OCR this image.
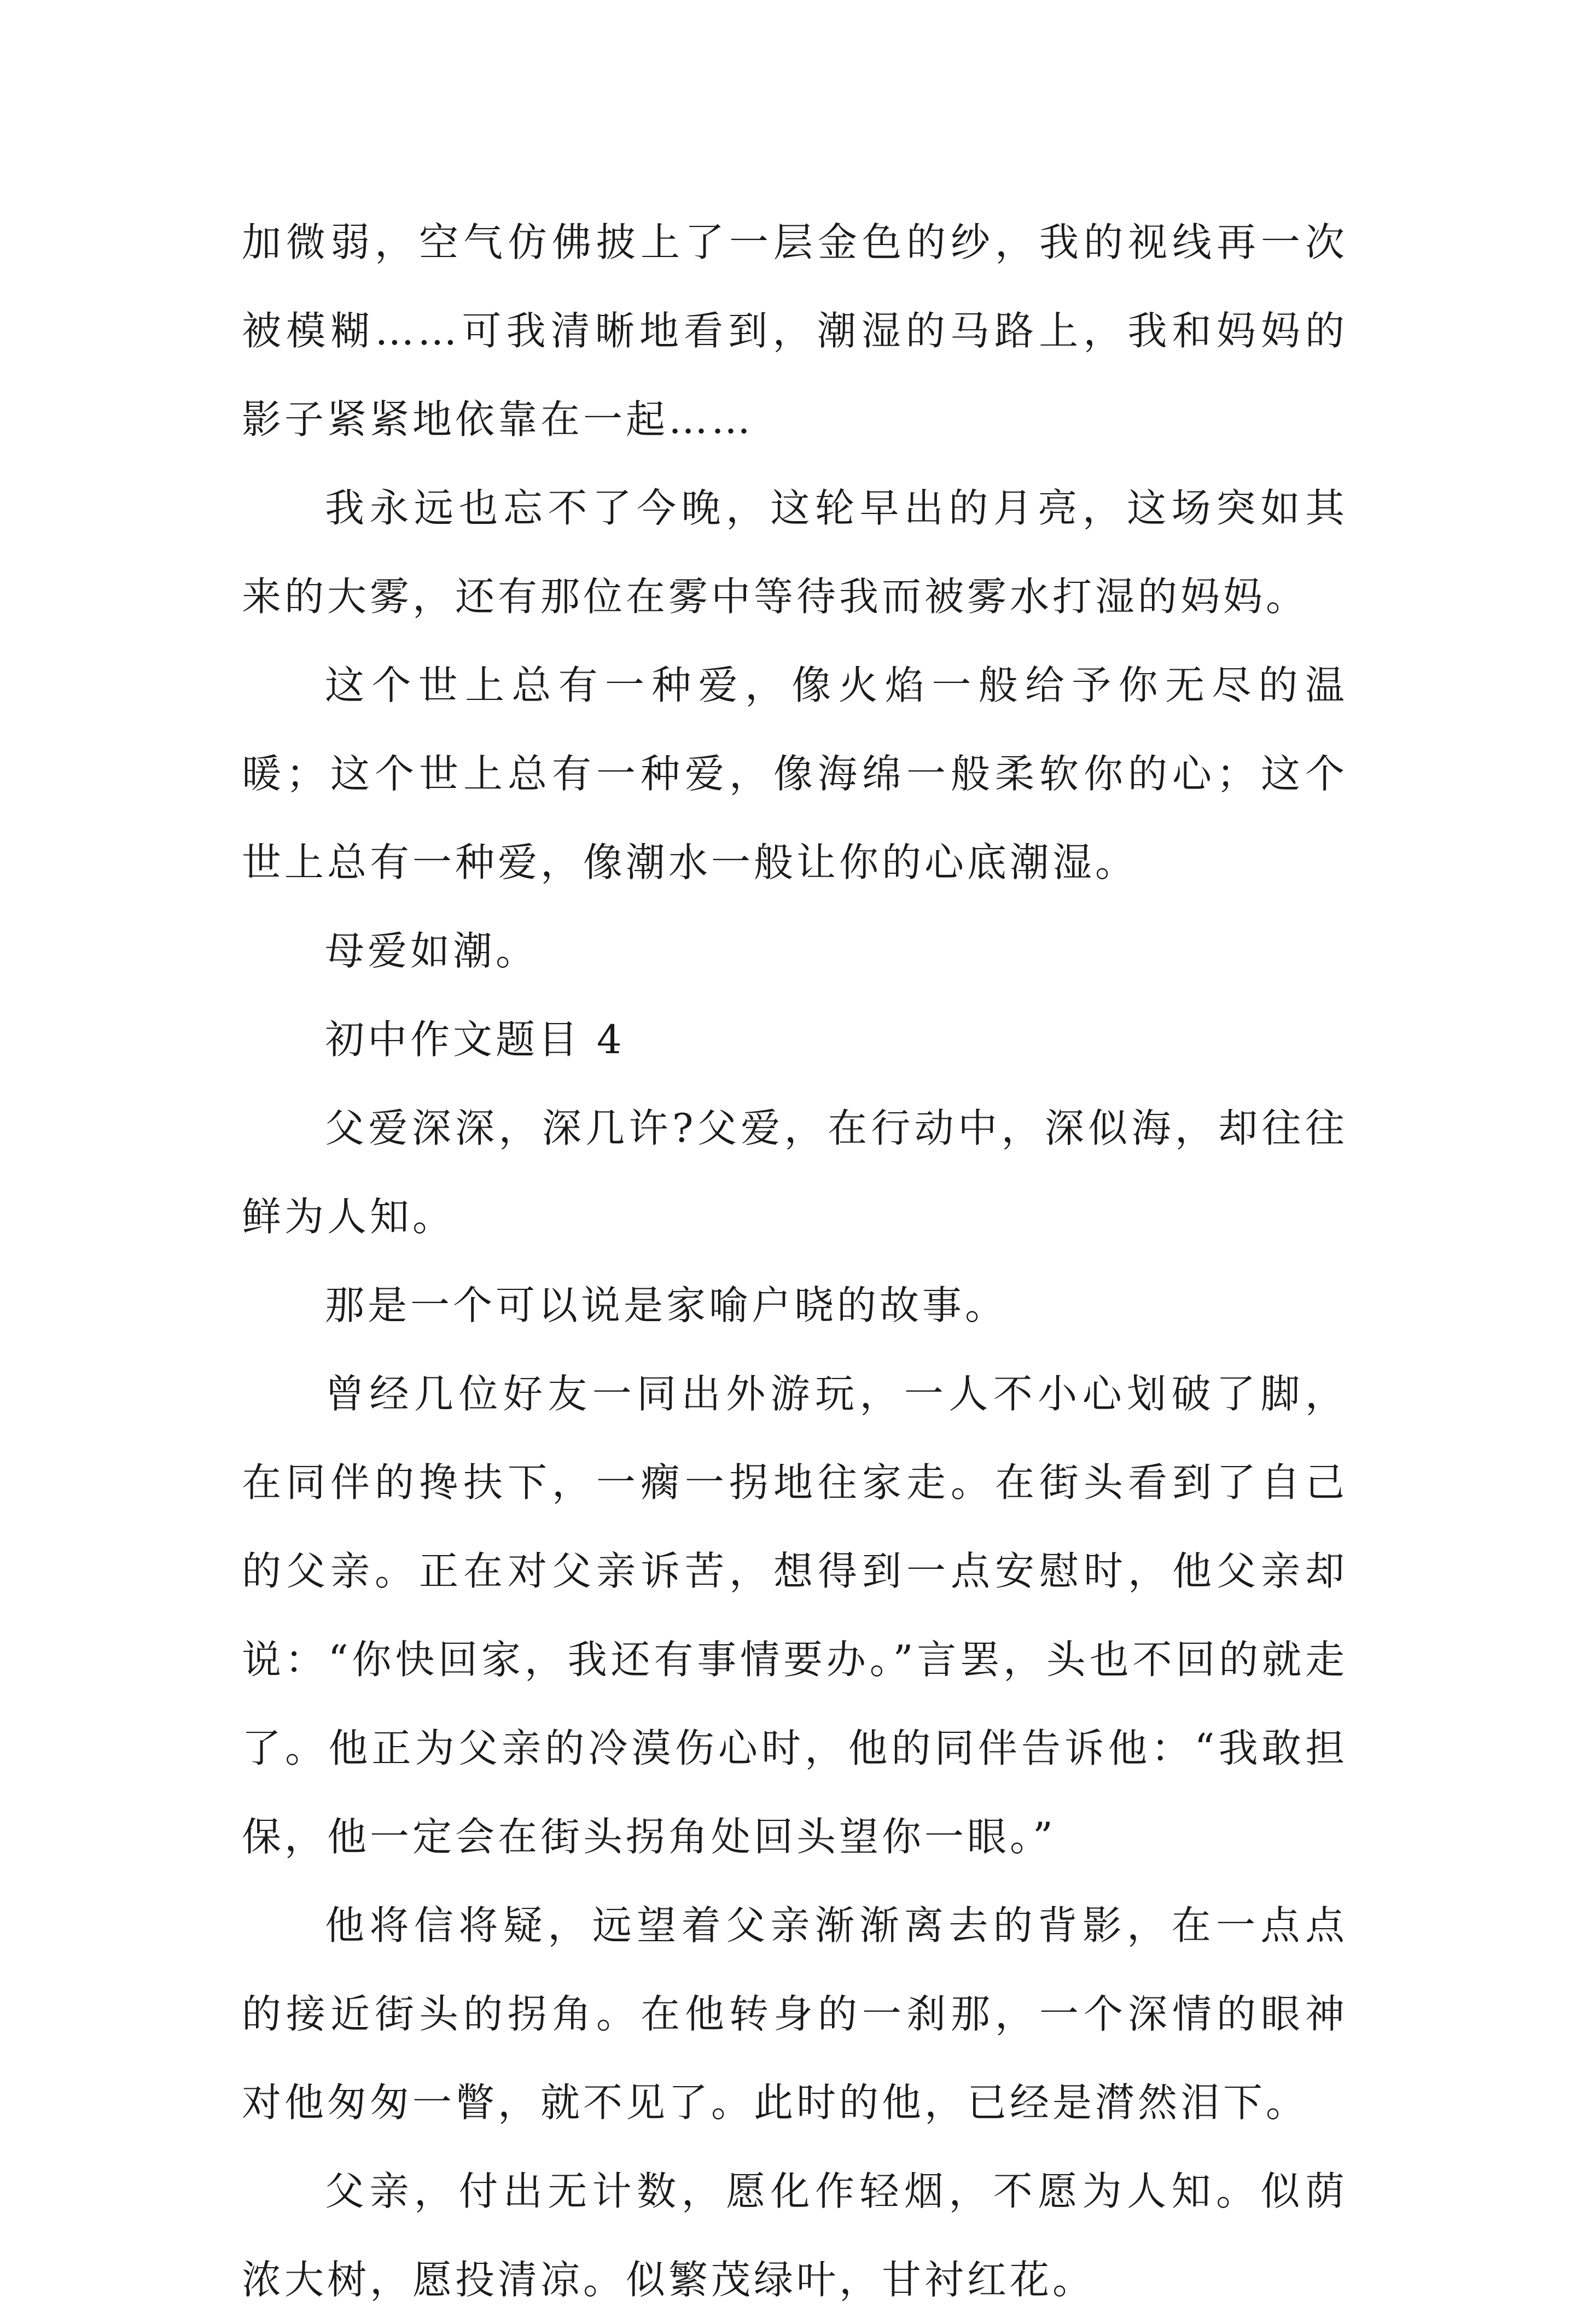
加微弱，空气仿佛披上了一层金色的纱，我的视线再一次被模糊……可我清晰地看到，潮湿的马路上，我和妈妈的影子紧紧地依靠在一起……

我永远也忘不了今晚，这轮早出的月亮，这场突如其来的大雾，还有那位在雾中等待我而被雾水打湿的妈妈。

这个世上总有一种爱，像火焰一般给予你无尽的温暖；这个世上总有一种爱，像海绵一般柔软你的心；这个世上总有一种爱，像潮水一般让你的心底潮湿。

母爱如潮。

初中作文题目 4

父爱深深，深几许?父爱，在行动中，深似海，却往往鲜为人知。

那是一个可以说是家喻户晓的故事。

曾经几位好友一同出外游玩，一人不小心划破了脚，在同伴的搀扶下，一瘸一拐地往家走。在街头看到了自己的父亲。正在对父亲诉苦，想得到一点安慰时，他父亲却说：“你快回家，我还有事情要办。”言罢，头也不回的就走了。他正为父亲的冷漠伤心时，他的同伴告诉他：“我敢担保，他一定会在街头拐角处回头望你一眼。”

他将信将疑，远望着父亲渐渐离去的背影，在一点点的接近街头的拐角。在他转身的一刹那，一个深情的眼神对他匆匆一瞥，就不见了。此时的他，已经是潸然泪下。

父亲，付出无计数，愿化作轻烟，不愿为人知。似荫浓大树，愿投清凉。似繁茂绿叶，甘衬红花。
